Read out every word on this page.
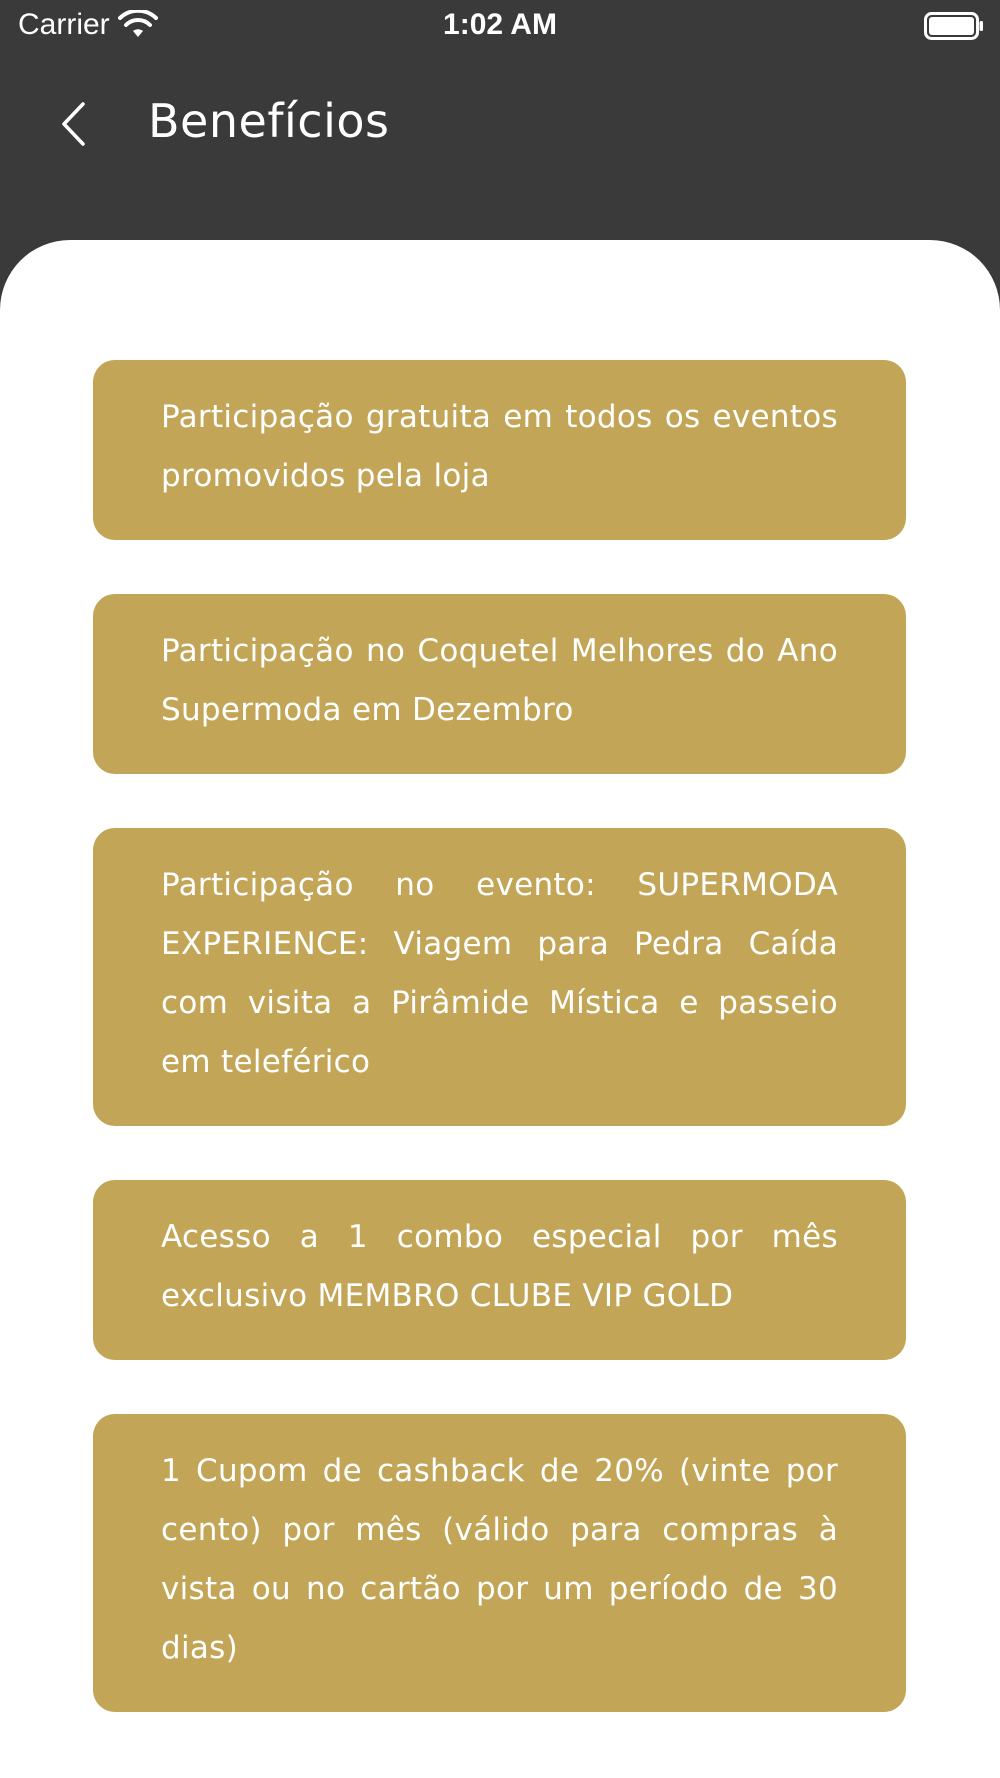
Carrier	1:02 AM
Benefícios

Participação gratuita em todos os eventos promovidos pela loja

Participação no Coquetel Melhores do Ano Supermoda em Dezembro

Participação no evento: SUPERMODA EXPERIENCE: Viagem para Pedra Caída com visita a Pirâmide Mística e passeio em teleférico

Acesso a 1 combo especial por mês exclusivo MEMBRO CLUBE VIP GOLD

1 Cupom de cashback de 20% (vinte por cento) por mês (válido para compras à vista ou no cartão por um período de 30 dias)
